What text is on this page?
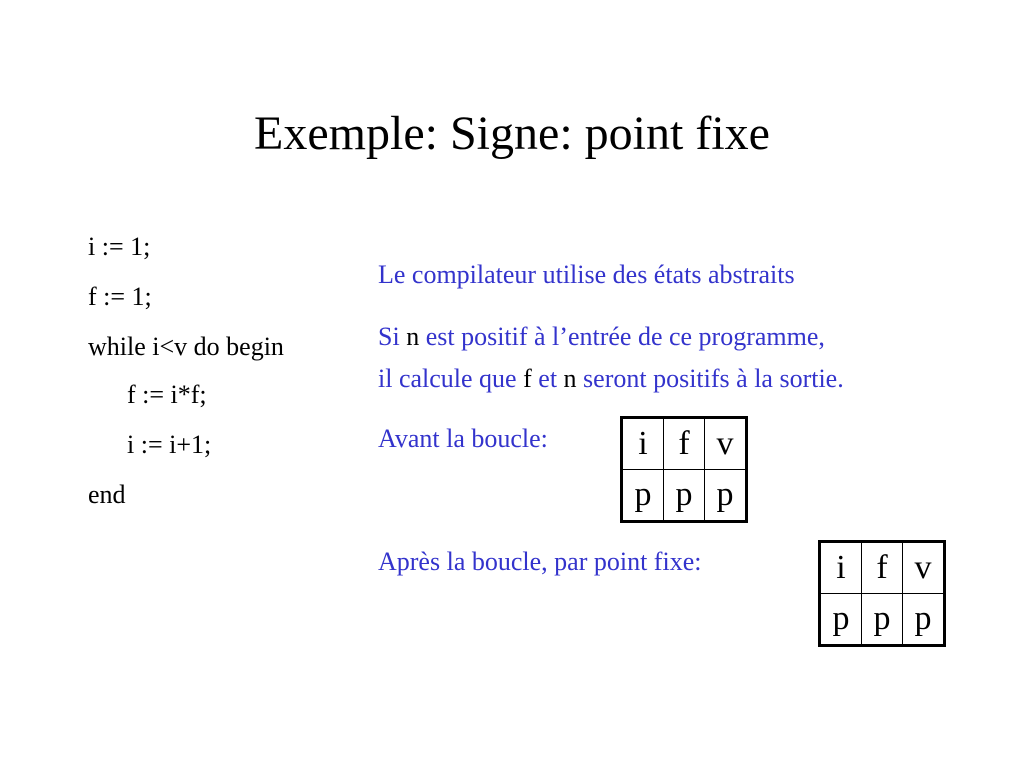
Exemple: Signe: point fixe
i := 1;
f := 1;
while i<v do begin
f := i*f;
i := i+1;
end
Le compilateur utilise des états abstraits
Si n est positif à l’entrée de ce programme,
il calcule que f et n seront positifs à la sortie.
Avant la boucle:	i	f	v
p	p	p
Après la boucle, par point fixe:	i	f	v
p	p	p
